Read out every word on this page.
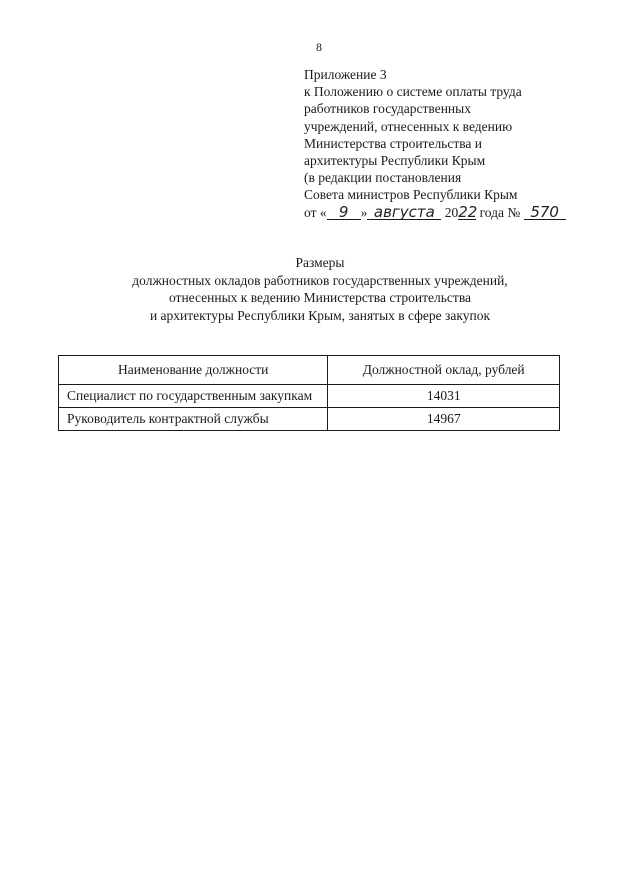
8
Приложение 3
к Положению о системе оплаты труда
работников государственных
учреждений, отнесенных к ведению
Министерства строительства и
архитектуры Республики Крым
(в редакции постановления
Совета министров Республики Крым
от « 9 » августа 2022 года № 570
Размеры
должностных окладов работников государственных учреждений,
отнесенных к ведению Министерства строительства
и архитектуры Республики Крым, занятых в сфере закупок
Наименование должности	Должностной оклад, рублей
Специалист по государственным закупкам	14031
Руководитель контрактной службы	14967
